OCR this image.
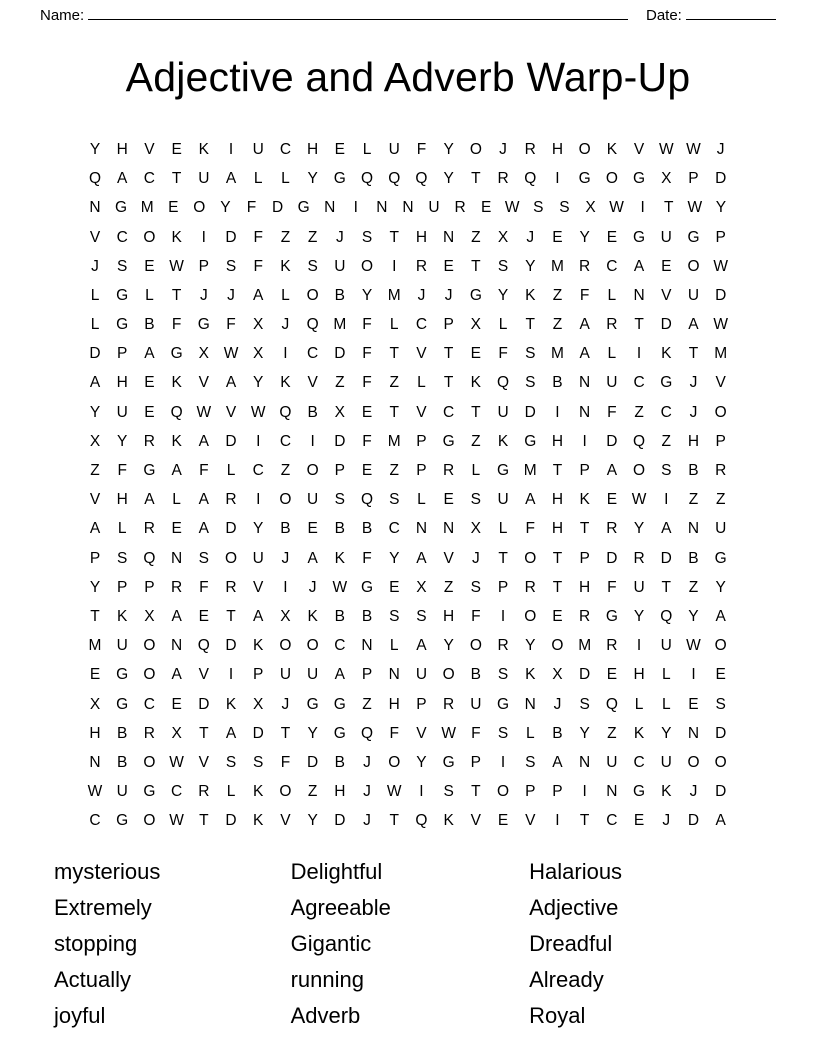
Name:	Date:
Adjective and Adverb Warp-Up
Y	H	V	E	K	I	U	C	H	E	L	U	F	Y	O	J	R	H	O	K	V W W	J
Q	A	C	T	U	A	L	L	Y	G Q Q Q	Y	T	R	Q	I	G O G	X	P	D
N G M E O Y	F	D G N	I	N N U R E W S	S	X W	I	T W Y
V	C	O	K	I	D	F	Z	Z	J	S	T	H	N	Z	X	J	E	Y	E	G	U	G	P
J	S	E W P	S	F	K	S	U	O	I	R	E	T	S	Y	M R	C	A	E	O W
L	G	L	T	J	J	A	L	O	B	Y	M	J	J	G	Y	K	Z	F	L	N	V	U	D
L	G	B	F	G	F	X	J	Q M	F	L	C	P	X	L	T	Z	A	R	T	D	A W
D	P	A	G	X W X	I	C	D	F	T	V	T	E	F	S	M	A	L	I	K	T	M
A	H	E	K	V	A	Y	K	V	Z	F	Z	L	T	K	Q	S	B	N	U	C	G	J	V
Y	U	E	Q W V W Q	B	X	E	T	V	C	T	U	D	I	N	F	Z	C	J	O
X	Y	R	K	A	D	I	C	I	D	F	M	P	G	Z	K	G	H	I	D	Q	Z	H	P
Z	F	G	A	F	L	C	Z	O	P	E	Z	P	R	L	G M	T	P	A	O	S	B	R
V	H	A	L	A	R	I	O	U	S	Q	S	L	E	S	U	A	H	K	E W	I	Z	Z
A	L	R	E	A	D	Y	B	E	B	B	C	N	N	X	L	F	H	T	R	Y	A	N	U
P	S	Q	N	S	O	U	J	A	K	F	Y	A	V	J	T	O	T	P	D	R	D	B	G
Y	P	P	R	F	R	V	I	J	W G	E	X	Z	S	P	R	T	H	F	U	T	Z	Y
T	K	X	A	E	T	A	X	K	B	B	S	S	H	F	I	O	E	R	G	Y	Q	Y	A
M U	O	N	Q	D	K	O O	C	N	L	A	Y	O	R	Y	O M R	I	U W O
E	G O	A	V	I	P	U	U	A	P	N	U	O	B	S	K	X	D	E	H	L	I	E
X	G	C	E	D	K	X	J	G G	Z	H	P	R	U	G	N	J	S	Q	L	L	E	S
H	B	R	X	T	A	D	T	Y	G Q	F	V W F	S	L	B	Y	Z	K	Y	N	D
N	B	O W V	S	S	F	D	B	J	O	Y	G	P	I	S	A	N	U	C	U	O O
W U	G	C	R	L	K	O	Z	H	J	W	I	S	T	O	P	P	I	N	G	K	J	D
C	G O W T	D	K	V	Y	D	J	T	Q	K	V	E	V	I	T	C	E	J	D	A
mysterious
Extremely
stopping
Actually
joyful
Delightful
Agreeable
Gigantic
running
Adverb
Halarious
Adjective
Dreadful
Already
Royal
